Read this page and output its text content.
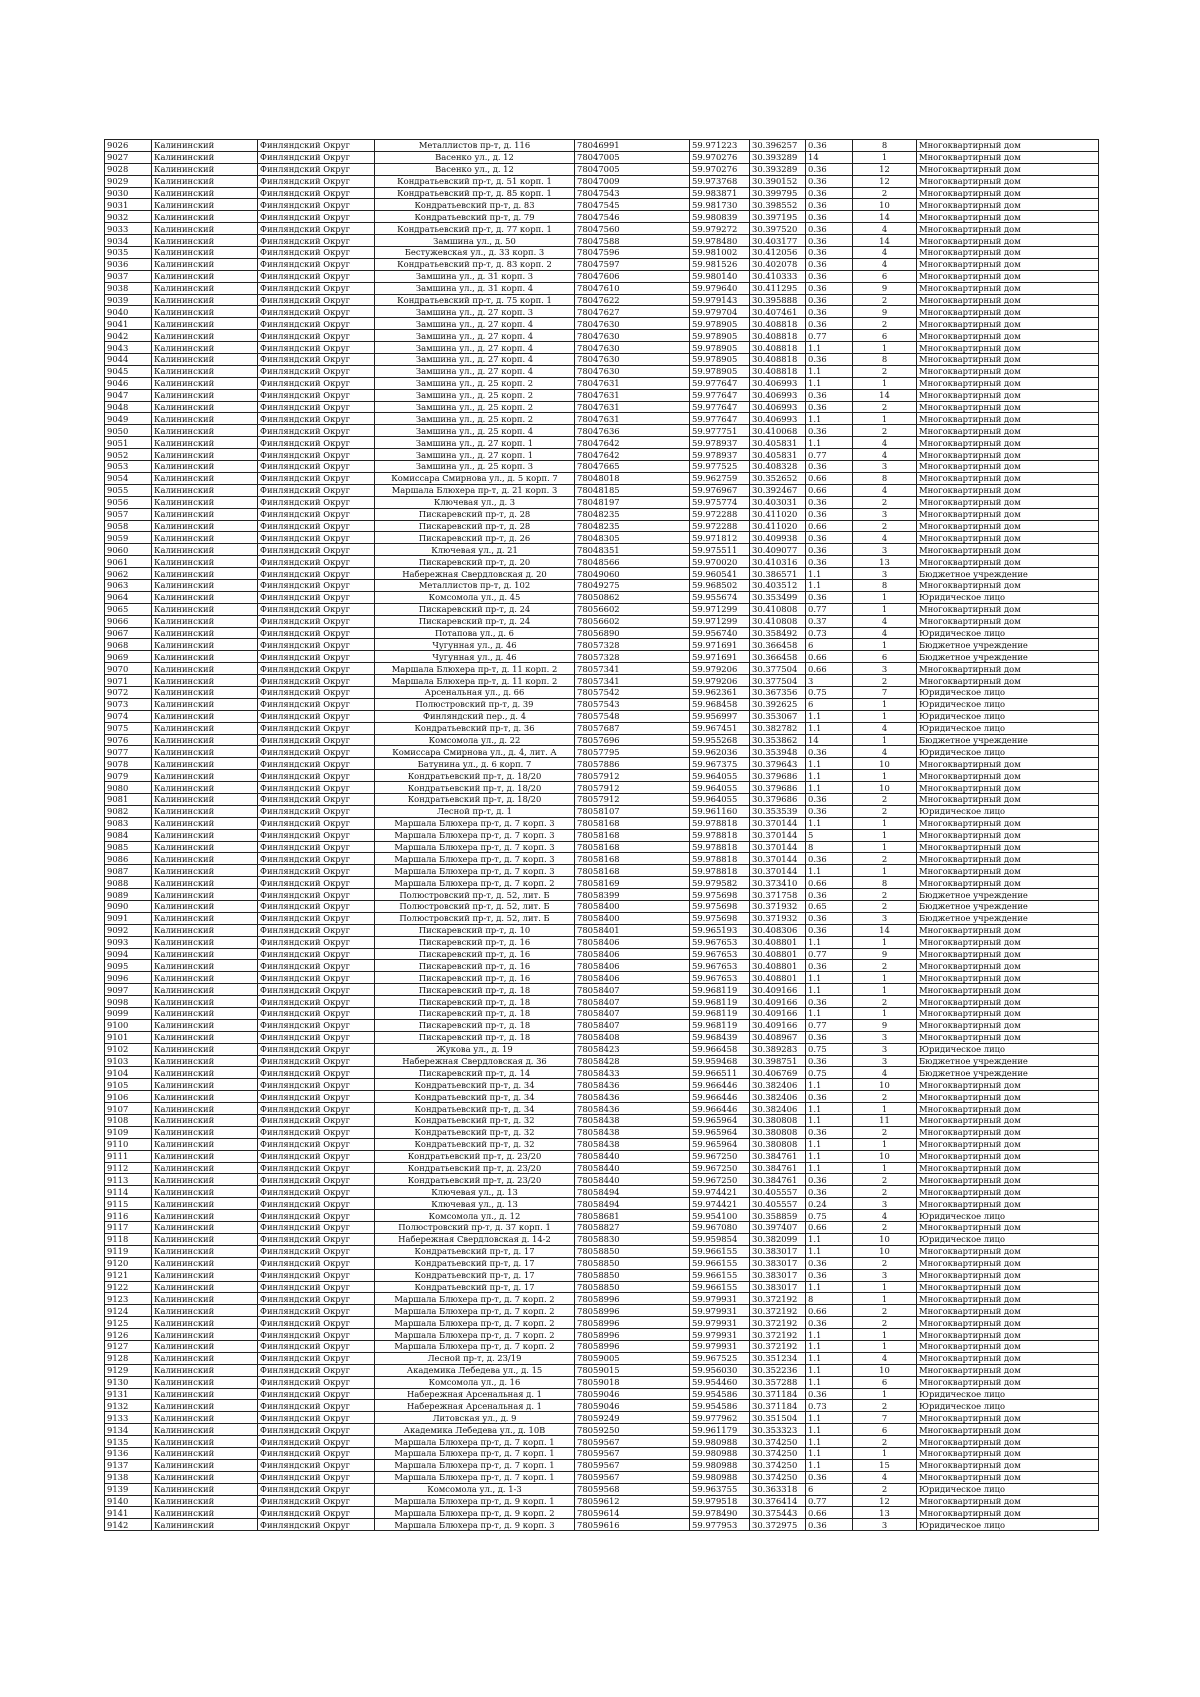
9026	Калининский	Финляндский Округ	Металлистов пр-т, д. 116	78046991	59.971223	30.396257	0.36	8	Многоквартирный дом
9027	Калининский	Финляндский Округ	Васенко ул., д. 12	78047005	59.970276	30.393289	14	1	Многоквартирный дом
9028	Калининский	Финляндский Округ	Васенко ул., д. 12	78047005	59.970276	30.393289	0.36	12	Многоквартирный дом
9029	Калининский	Финляндский Округ	Кондратьевский пр-т, д. 51 корп. 1	78047009	59.973768	30.390152	0.36	12	Многоквартирный дом
9030	Калининский	Финляндский Округ	Кондратьевский пр-т, д. 85 корп. 1	78047543	59.983871	30.399795	0.36	2	Многоквартирный дом
9031	Калининский	Финляндский Округ	Кондратьевский пр-т, д. 83	78047545	59.981730	30.398552	0.36	10	Многоквартирный дом
9032	Калининский	Финляндский Округ	Кондратьевский пр-т, д. 79	78047546	59.980839	30.397195	0.36	14	Многоквартирный дом
9033	Калининский	Финляндский Округ	Кондратьевский пр-т, д. 77 корп. 1	78047560	59.979272	30.397520	0.36	4	Многоквартирный дом
9034	Калининский	Финляндский Округ	Замшина ул., д. 50	78047588	59.978480	30.403177	0.36	14	Многоквартирный дом
9035	Калининский	Финляндский Округ	Бестужевская ул., д. 33 корп. 3	78047596	59.981002	30.412056	0.36	4	Многоквартирный дом
9036	Калининский	Финляндский Округ	Кондратьевский пр-т, д. 83 корп. 2	78047597	59.981526	30.402078	0.36	4	Многоквартирный дом
9037	Калининский	Финляндский Округ	Замшина ул., д. 31 корп. 3	78047606	59.980140	30.410333	0.36	6	Многоквартирный дом
9038	Калининский	Финляндский Округ	Замшина ул., д. 31 корп. 4	78047610	59.979640	30.411295	0.36	9	Многоквартирный дом
9039	Калининский	Финляндский Округ	Кондратьевский пр-т, д. 75 корп. 1	78047622	59.979143	30.395888	0.36	2	Многоквартирный дом
9040	Калининский	Финляндский Округ	Замшина ул., д. 27 корп. 3	78047627	59.979704	30.407461	0.36	9	Многоквартирный дом
9041	Калининский	Финляндский Округ	Замшина ул., д. 27 корп. 4	78047630	59.978905	30.408818	0.36	2	Многоквартирный дом
9042	Калининский	Финляндский Округ	Замшина ул., д. 27 корп. 4	78047630	59.978905	30.408818	0.77	6	Многоквартирный дом
9043	Калининский	Финляндский Округ	Замшина ул., д. 27 корп. 4	78047630	59.978905	30.408818	1.1	1	Многоквартирный дом
9044	Калининский	Финляндский Округ	Замшина ул., д. 27 корп. 4	78047630	59.978905	30.408818	0.36	8	Многоквартирный дом
9045	Калининский	Финляндский Округ	Замшина ул., д. 27 корп. 4	78047630	59.978905	30.408818	1.1	2	Многоквартирный дом
9046	Калининский	Финляндский Округ	Замшина ул., д. 25 корп. 2	78047631	59.977647	30.406993	1.1	1	Многоквартирный дом
9047	Калининский	Финляндский Округ	Замшина ул., д. 25 корп. 2	78047631	59.977647	30.406993	0.36	14	Многоквартирный дом
9048	Калининский	Финляндский Округ	Замшина ул., д. 25 корп. 2	78047631	59.977647	30.406993	0.36	2	Многоквартирный дом
9049	Калининский	Финляндский Округ	Замшина ул., д. 25 корп. 2	78047631	59.977647	30.406993	1.1	1	Многоквартирный дом
9050	Калининский	Финляндский Округ	Замшина ул., д. 25 корп. 4	78047636	59.977751	30.410068	0.36	2	Многоквартирный дом
9051	Калининский	Финляндский Округ	Замшина ул., д. 27 корп. 1	78047642	59.978937	30.405831	1.1	4	Многоквартирный дом
9052	Калининский	Финляндский Округ	Замшина ул., д. 27 корп. 1	78047642	59.978937	30.405831	0.77	4	Многоквартирный дом
9053	Калининский	Финляндский Округ	Замшина ул., д. 25 корп. 3	78047665	59.977525	30.408328	0.36	3	Многоквартирный дом
9054	Калининский	Финляндский Округ	Комиссара Смирнова ул., д. 5 корп. 7	78048018	59.962759	30.352652	0.66	8	Многоквартирный дом
9055	Калининский	Финляндский Округ	Маршала Блюхера пр-т, д. 21 корп. 3	78048185	59.976967	30.392467	0.66	4	Многоквартирный дом
9056	Калининский	Финляндский Округ	Ключевая ул., д. 3	78048197	59.975774	30.403031	0.36	2	Многоквартирный дом
9057	Калининский	Финляндский Округ	Пискаревский пр-т, д. 28	78048235	59.972288	30.411020	0.36	3	Многоквартирный дом
9058	Калининский	Финляндский Округ	Пискаревский пр-т, д. 28	78048235	59.972288	30.411020	0.66	2	Многоквартирный дом
9059	Калининский	Финляндский Округ	Пискаревский пр-т, д. 26	78048305	59.971812	30.409938	0.36	4	Многоквартирный дом
9060	Калининский	Финляндский Округ	Ключевая ул., д. 21	78048351	59.975511	30.409077	0.36	3	Многоквартирный дом
9061	Калининский	Финляндский Округ	Пискаревский пр-т, д. 20	78048566	59.970020	30.410316	0.36	13	Многоквартирный дом
9062	Калининский	Финляндский Округ	Набережная Свердловская д. 20	78049060	59.960541	30.386571	1.1	3	Бюджетное учреждение
9063	Калининский	Финляндский Округ	Металлистов пр-т, д. 102	78049275	59.968502	30.403512	1.1	8	Многоквартирный дом
9064	Калининский	Финляндский Округ	Комсомола ул., д. 45	78050862	59.955674	30.353499	0.36	1	Юридическое лицо
9065	Калининский	Финляндский Округ	Пискаревский пр-т, д. 24	78056602	59.971299	30.410808	0.77	1	Многоквартирный дом
9066	Калининский	Финляндский Округ	Пискаревский пр-т, д. 24	78056602	59.971299	30.410808	0.37	4	Многоквартирный дом
9067	Калининский	Финляндский Округ	Потапова ул., д. 6	78056890	59.956740	30.358492	0.73	4	Юридическое лицо
9068	Калининский	Финляндский Округ	Чугунная ул., д. 46	78057328	59.971691	30.366458	6	1	Бюджетное учреждение
9069	Калининский	Финляндский Округ	Чугунная ул., д. 46	78057328	59.971691	30.366458	0.66	6	Бюджетное учреждение
9070	Калининский	Финляндский Округ	Маршала Блюхера пр-т, д. 11 корп. 2	78057341	59.979206	30.377504	0.66	3	Многоквартирный дом
9071	Калининский	Финляндский Округ	Маршала Блюхера пр-т, д. 11 корп. 2	78057341	59.979206	30.377504	3	2	Многоквартирный дом
9072	Калининский	Финляндский Округ	Арсенальная ул., д. 66	78057542	59.962361	30.367356	0.75	7	Юридическое лицо
9073	Калининский	Финляндский Округ	Полюстровский пр-т, д. 39	78057543	59.968458	30.392625	6	1	Юридическое лицо
9074	Калининский	Финляндский Округ	Финляндский пер., д. 4	78057548	59.956997	30.353067	1.1	1	Юридическое лицо
9075	Калининский	Финляндский Округ	Кондратьевский пр-т, д. 36	78057687	59.967451	30.382782	1.1	4	Юридическое лицо
9076	Калининский	Финляндский Округ	Комсомола ул., д. 22	78057696	59.955268	30.353862	14	1	Бюджетное учреждение
9077	Калининский	Финляндский Округ	Комиссара Смирнова ул., д. 4, лит. А	78057795	59.962036	30.353948	0.36	4	Юридическое лицо
9078	Калининский	Финляндский Округ	Батунина ул., д. 6 корп. 7	78057886	59.967375	30.379643	1.1	10	Многоквартирный дом
9079	Калининский	Финляндский Округ	Кондратьевский пр-т, д. 18/20	78057912	59.964055	30.379686	1.1	1	Многоквартирный дом
9080	Калининский	Финляндский Округ	Кондратьевский пр-т, д. 18/20	78057912	59.964055	30.379686	1.1	10	Многоквартирный дом
9081	Калининский	Финляндский Округ	Кондратьевский пр-т, д. 18/20	78057912	59.964055	30.379686	0.36	2	Многоквартирный дом
9082	Калининский	Финляндский Округ	Лесной пр-т, д. 1	78058107	59.961160	30.353539	0.36	2	Юридическое лицо
9083	Калининский	Финляндский Округ	Маршала Блюхера пр-т, д. 7 корп. 3	78058168	59.978818	30.370144	1.1	1	Многоквартирный дом
9084	Калининский	Финляндский Округ	Маршала Блюхера пр-т, д. 7 корп. 3	78058168	59.978818	30.370144	5	1	Многоквартирный дом
9085	Калининский	Финляндский Округ	Маршала Блюхера пр-т, д. 7 корп. 3	78058168	59.978818	30.370144	8	1	Многоквартирный дом
9086	Калининский	Финляндский Округ	Маршала Блюхера пр-т, д. 7 корп. 3	78058168	59.978818	30.370144	0.36	2	Многоквартирный дом
9087	Калининский	Финляндский Округ	Маршала Блюхера пр-т, д. 7 корп. 3	78058168	59.978818	30.370144	1.1	1	Многоквартирный дом
9088	Калининский	Финляндский Округ	Маршала Блюхера пр-т, д. 7 корп. 2	78058169	59.979582	30.373410	0.66	8	Многоквартирный дом
9089	Калининский	Финляндский Округ	Полюстровский пр-т, д. 52, лит. Б	78058399	59.975698	30.371758	0.36	2	Бюджетное учреждение
9090	Калининский	Финляндский Округ	Полюстровский пр-т, д. 52, лит. Б	78058400	59.975698	30.371932	0.65	2	Бюджетное учреждение
9091	Калининский	Финляндский Округ	Полюстровский пр-т, д. 52, лит. Б	78058400	59.975698	30.371932	0.36	3	Бюджетное учреждение
9092	Калининский	Финляндский Округ	Пискаревский пр-т, д. 10	78058401	59.965193	30.408306	0.36	14	Многоквартирный дом
9093	Калининский	Финляндский Округ	Пискаревский пр-т, д. 16	78058406	59.967653	30.408801	1.1	1	Многоквартирный дом
9094	Калининский	Финляндский Округ	Пискаревский пр-т, д. 16	78058406	59.967653	30.408801	0.77	9	Многоквартирный дом
9095	Калининский	Финляндский Округ	Пискаревский пр-т, д. 16	78058406	59.967653	30.408801	0.36	2	Многоквартирный дом
9096	Калининский	Финляндский Округ	Пискаревский пр-т, д. 16	78058406	59.967653	30.408801	1.1	1	Многоквартирный дом
9097	Калининский	Финляндский Округ	Пискаревский пр-т, д. 18	78058407	59.968119	30.409166	1.1	1	Многоквартирный дом
9098	Калининский	Финляндский Округ	Пискаревский пр-т, д. 18	78058407	59.968119	30.409166	0.36	2	Многоквартирный дом
9099	Калининский	Финляндский Округ	Пискаревский пр-т, д. 18	78058407	59.968119	30.409166	1.1	1	Многоквартирный дом
9100	Калининский	Финляндский Округ	Пискаревский пр-т, д. 18	78058407	59.968119	30.409166	0.77	9	Многоквартирный дом
9101	Калининский	Финляндский Округ	Пискаревский пр-т, д. 18	78058408	59.968439	30.408967	0.36	3	Многоквартирный дом
9102	Калининский	Финляндский Округ	Жукова ул., д. 19	78058423	59.966458	30.389283	0.75	3	Юридическое лицо
9103	Калининский	Финляндский Округ	Набережная Свердловская д. 36	78058428	59.959468	30.398751	0.36	3	Бюджетное учреждение
9104	Калининский	Финляндский Округ	Пискаревский пр-т, д. 14	78058433	59.966511	30.406769	0.75	4	Бюджетное учреждение
9105	Калининский	Финляндский Округ	Кондратьевский пр-т, д. 34	78058436	59.966446	30.382406	1.1	10	Многоквартирный дом
9106	Калининский	Финляндский Округ	Кондратьевский пр-т, д. 34	78058436	59.966446	30.382406	0.36	2	Многоквартирный дом
9107	Калининский	Финляндский Округ	Кондратьевский пр-т, д. 34	78058436	59.966446	30.382406	1.1	1	Многоквартирный дом
9108	Калининский	Финляндский Округ	Кондратьевский пр-т, д. 32	78058438	59.965964	30.380808	1.1	11	Многоквартирный дом
9109	Калининский	Финляндский Округ	Кондратьевский пр-т, д. 32	78058438	59.965964	30.380808	0.36	2	Многоквартирный дом
9110	Калининский	Финляндский Округ	Кондратьевский пр-т, д. 32	78058438	59.965964	30.380808	1.1	1	Многоквартирный дом
9111	Калининский	Финляндский Округ	Кондратьевский пр-т, д. 23/20	78058440	59.967250	30.384761	1.1	10	Многоквартирный дом
9112	Калининский	Финляндский Округ	Кондратьевский пр-т, д. 23/20	78058440	59.967250	30.384761	1.1	1	Многоквартирный дом
9113	Калининский	Финляндский Округ	Кондратьевский пр-т, д. 23/20	78058440	59.967250	30.384761	0.36	2	Многоквартирный дом
9114	Калининский	Финляндский Округ	Ключевая ул., д. 13	78058494	59.974421	30.405557	0.36	2	Многоквартирный дом
9115	Калининский	Финляндский Округ	Ключевая ул., д. 13	78058494	59.974421	30.405557	0.24	3	Многоквартирный дом
9116	Калининский	Финляндский Округ	Комсомола ул., д. 12	78058681	59.954100	30.358859	0.75	4	Юридическое лицо
9117	Калининский	Финляндский Округ	Полюстровский пр-т, д. 37 корп. 1	78058827	59.967080	30.397407	0.66	2	Многоквартирный дом
9118	Калининский	Финляндский Округ	Набережная Свердловская д. 14-2	78058830	59.959854	30.382099	1.1	10	Юридическое лицо
9119	Калининский	Финляндский Округ	Кондратьевский пр-т, д. 17	78058850	59.966155	30.383017	1.1	10	Многоквартирный дом
9120	Калининский	Финляндский Округ	Кондратьевский пр-т, д. 17	78058850	59.966155	30.383017	0.36	2	Многоквартирный дом
9121	Калининский	Финляндский Округ	Кондратьевский пр-т, д. 17	78058850	59.966155	30.383017	0.36	3	Многоквартирный дом
9122	Калининский	Финляндский Округ	Кондратьевский пр-т, д. 17	78058850	59.966155	30.383017	1.1	1	Многоквартирный дом
9123	Калининский	Финляндский Округ	Маршала Блюхера пр-т, д. 7 корп. 2	78058996	59.979931	30.372192	8	1	Многоквартирный дом
9124	Калининский	Финляндский Округ	Маршала Блюхера пр-т, д. 7 корп. 2	78058996	59.979931	30.372192	0.66	2	Многоквартирный дом
9125	Калининский	Финляндский Округ	Маршала Блюхера пр-т, д. 7 корп. 2	78058996	59.979931	30.372192	0.36	2	Многоквартирный дом
9126	Калининский	Финляндский Округ	Маршала Блюхера пр-т, д. 7 корп. 2	78058996	59.979931	30.372192	1.1	1	Многоквартирный дом
9127	Калининский	Финляндский Округ	Маршала Блюхера пр-т, д. 7 корп. 2	78058996	59.979931	30.372192	1.1	1	Многоквартирный дом
9128	Калининский	Финляндский Округ	Лесной пр-т, д. 23/19	78059005	59.967525	30.351234	1.1	4	Многоквартирный дом
9129	Калининский	Финляндский Округ	Академика Лебедева ул., д. 15	78059015	59.956030	30.352236	1.1	10	Многоквартирный дом
9130	Калининский	Финляндский Округ	Комсомола ул., д. 16	78059018	59.954460	30.357288	1.1	6	Многоквартирный дом
9131	Калининский	Финляндский Округ	Набережная Арсенальная д. 1	78059046	59.954586	30.371184	0.36	1	Юридическое лицо
9132	Калининский	Финляндский Округ	Набережная Арсенальная д. 1	78059046	59.954586	30.371184	0.73	2	Юридическое лицо
9133	Калининский	Финляндский Округ	Литовская ул., д. 9	78059249	59.977962	30.351504	1.1	7	Многоквартирный дом
9134	Калининский	Финляндский Округ	Академика Лебедева ул., д. 10В	78059250	59.961179	30.353323	1.1	6	Многоквартирный дом
9135	Калининский	Финляндский Округ	Маршала Блюхера пр-т, д. 7 корп. 1	78059567	59.980988	30.374250	1.1	2	Многоквартирный дом
9136	Калининский	Финляндский Округ	Маршала Блюхера пр-т, д. 7 корп. 1	78059567	59.980988	30.374250	1.1	1	Многоквартирный дом
9137	Калининский	Финляндский Округ	Маршала Блюхера пр-т, д. 7 корп. 1	78059567	59.980988	30.374250	1.1	15	Многоквартирный дом
9138	Калининский	Финляндский Округ	Маршала Блюхера пр-т, д. 7 корп. 1	78059567	59.980988	30.374250	0.36	4	Многоквартирный дом
9139	Калининский	Финляндский Округ	Комсомола ул., д. 1-3	78059568	59.963755	30.363318	6	2	Юридическое лицо
9140	Калининский	Финляндский Округ	Маршала Блюхера пр-т, д. 9 корп. 1	78059612	59.979518	30.376414	0.77	12	Многоквартирный дом
9141	Калининский	Финляндский Округ	Маршала Блюхера пр-т, д. 9 корп. 2	78059614	59.978490	30.375443	0.66	13	Многоквартирный дом
9142	Калининский	Финляндский Округ	Маршала Блюхера пр-т, д. 9 корп. 3	78059616	59.977953	30.372975	0.36	3	Юридическое лицо
